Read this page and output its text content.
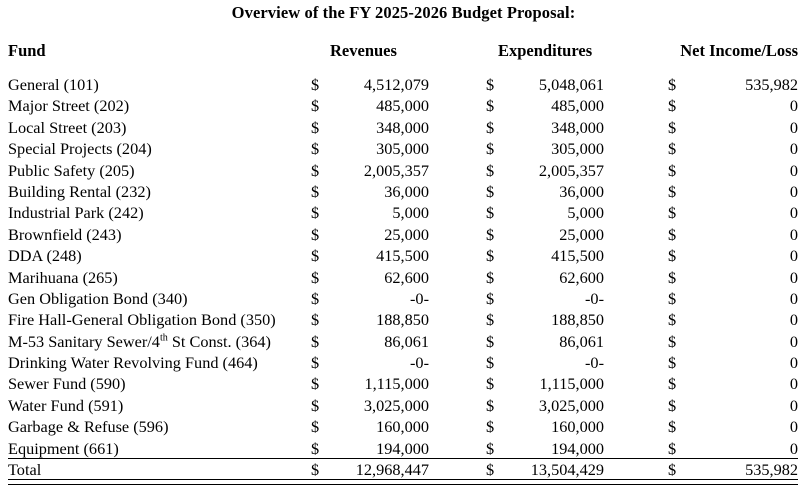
Overview of the FY 2025-2026 Budget Proposal:
Fund	Revenues	Expenditures	Net Income/Loss
General (101)	$	4,512,079	$	5,048,061	$	535,982
Major Street (202)	$	485,000	$	485,000	$	0
Local Street (203)	$	348,000	$	348,000	$	0
Special Projects (204)	$	305,000	$	305,000	$	0
Public Safety (205)	$	2,005,357	$	2,005,357	$	0
Building Rental (232)	$	36,000	$	36,000	$	0
Industrial Park (242)	$	5,000	$	5,000	$	0
Brownfield (243)	$	25,000	$	25,000	$	0
DDA (248)	$	415,500	$	415,500	$	0
Marihuana (265)	$	62,600	$	62,600	$	0
Gen Obligation Bond (340)	$	-0-	$	-0-	$	0
Fire Hall-General Obligation Bond (350) $	188,850	$	188,850	$	0
M-53 Sanitary Sewer/4th St Const. (364) $	86,061	$	86,061	$	0
Drinking Water Revolving Fund (464)	$	-0-	$	-0-	$	0
Sewer Fund (590)	$	1,115,000	$	1,115,000	$	0
Water Fund (591)	$	3,025,000	$	3,025,000	$	0
Garbage & Refuse (596)	$	160,000	$	160,000	$	0
Equipment (661)	$	194,000	$	194,000	$	0
Total	$	12,968,447	$	13,504,429	$	535,982
